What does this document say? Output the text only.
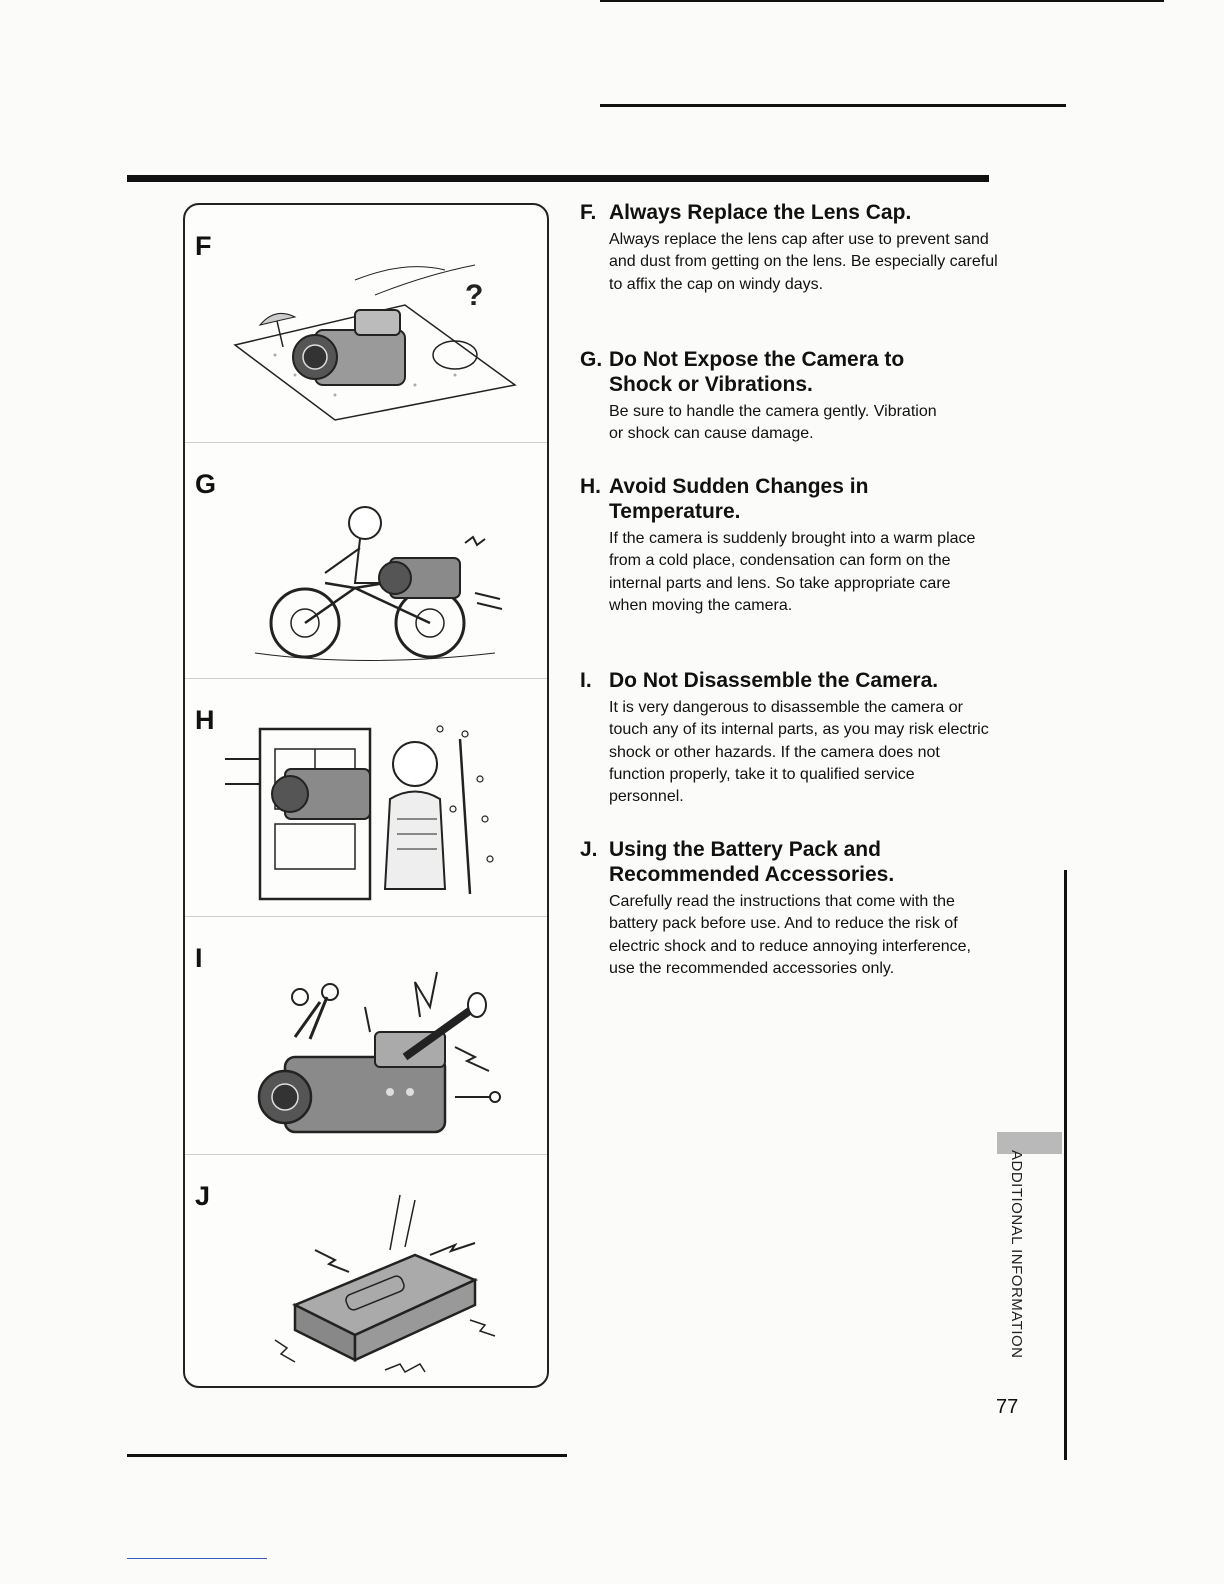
F
?
G
H
I
J
F. Always Replace the Lens Cap.
Always replace the lens cap after use to prevent sand and dust from getting on the lens. Be especially careful to affix the cap on windy days.
G. Do Not Expose the Camera to Shock or Vibrations.
Be sure to handle the camera gently. Vibration or shock can cause damage.
H. Avoid Sudden Changes in Temperature.
If the camera is suddenly brought into a warm place from a cold place, condensation can form on the internal parts and lens. So take appropriate care when moving the camera.
I. Do Not Disassemble the Camera.
It is very dangerous to disassemble the camera or touch any of its internal parts, as you may risk electric shock or other hazards. If the camera does not function properly, take it to qualified service personnel.
J. Using the Battery Pack and Recommended Accessories.
Carefully read the instructions that come with the battery pack before use. And to reduce the risk of electric shock and to reduce annoying interference, use the recommended accessories only.
ADDITIONAL INFORMATION
77
